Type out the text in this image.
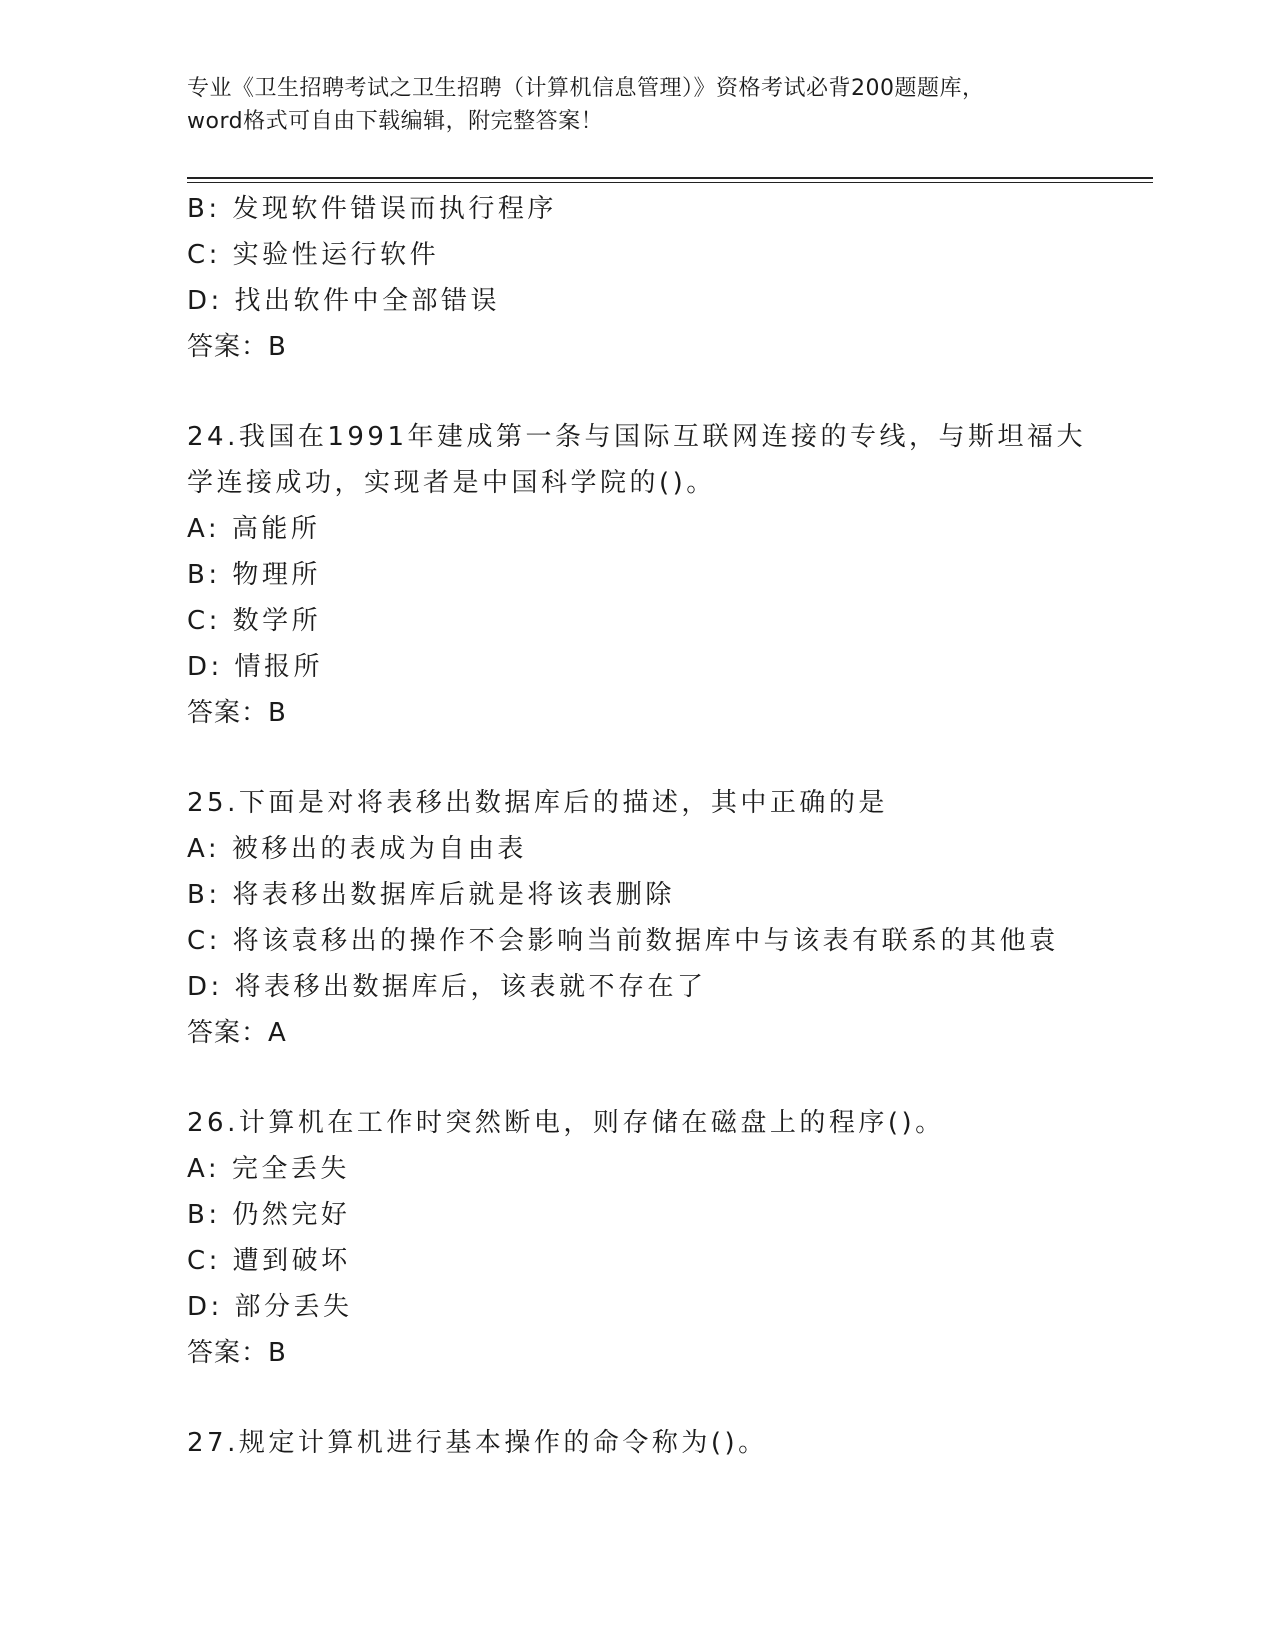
专业《卫生招聘考试之卫生招聘（计算机信息管理）》资格考试必背200题题库，
word格式可自由下载编辑，附完整答案！
B: 发现软件错误而执行程序
C: 实验性运行软件
D: 找出软件中全部错误
答案：B
24.我国在1991年建成第一条与国际互联网连接的专线，与斯坦福大
学连接成功，实现者是中国科学院的()。
A: 高能所
B: 物理所
C: 数学所
D: 情报所
答案：B
25.下面是对将表移出数据库后的描述，其中正确的是
A: 被移出的表成为自由表
B: 将表移出数据库后就是将该表删除
C: 将该袁移出的操作不会影响当前数据库中与该表有联系的其他袁
D: 将表移出数据库后，该表就不存在了
答案：A
26.计算机在工作时突然断电，则存储在磁盘上的程序()。
A: 完全丢失
B: 仍然完好
C: 遭到破坏
D: 部分丢失
答案：B
27.规定计算机进行基本操作的命令称为()。
